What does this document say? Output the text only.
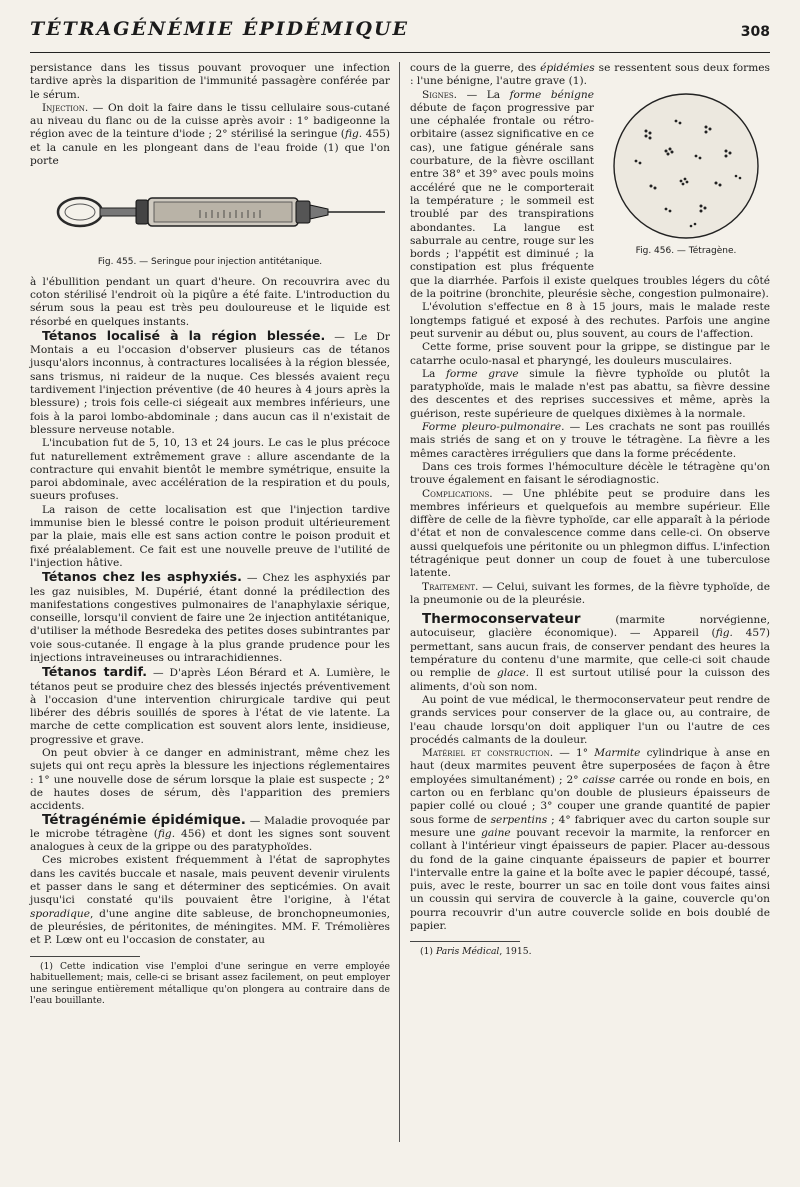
TÉTRAGÉNÉMIE ÉPIDÉMIQUE	308

persistance dans les tissus pouvant provoquer une infection tardive après la disparition de l'immunité passagère conférée par le sérum.

Injection. — On doit la faire dans le tissu cellulaire sous-cutané au niveau du flanc ou de la cuisse après avoir : 1° badigeonne la région avec de la teinture d'iode ; 2° stérilisé la seringue (fig. 455) et la canule en les plongeant dans de l'eau froide (1) que l'on porte

Fig. 455. — Seringue pour injection antitétanique.

à l'ébullition pendant un quart d'heure. On recouvrira avec du coton stérilisé l'endroit où la piqûre a été faite. L'introduction du sérum sous la peau est très peu douloureuse et le liquide est résorbé en quelques instants.

Tétanos localisé à la région blessée. — Le Dr Montais a eu l'occasion d'observer plusieurs cas de tétanos jusqu'alors inconnus, à contractures localisées à la région blessée, sans trismus, ni raideur de la nuque. Ces blessés avaient reçu tardivement l'injection préventive (de 40 heures à 4 jours après la blessure) ; trois fois celle-ci siégeait aux membres inférieurs, une fois à la paroi lombo-abdominale ; dans aucun cas il n'existait de blessure nerveuse notable.

L'incubation fut de 5, 10, 13 et 24 jours. Le cas le plus précoce fut naturellement extrêmement grave : allure ascendante de la contracture qui envahit bientôt le membre symétrique, ensuite la paroi abdominale, avec accélération de la respiration et du pouls, sueurs profuses.

La raison de cette localisation est que l'injection tardive immunise bien le blessé contre le poison produit ultérieurement par la plaie, mais elle est sans action contre le poison produit et fixé préalablement. Ce fait est une nouvelle preuve de l'utilité de l'injection hâtive.

Tétanos chez les asphyxiés. — Chez les asphyxiés par les gaz nuisibles, M. Dupérié, étant donné la prédilection des manifestations congestives pulmonaires de l'anaphylaxie sérique, conseille, lorsqu'il convient de faire une 2e injection antitétanique, d'utiliser la méthode Besredeka des petites doses subintrantes par voie sous-cutanée. Il engage à la plus grande prudence pour les injections intraveineuses ou intrarachidiennes.

Tétanos tardif. — D'après Léon Bérard et A. Lumière, le tétanos peut se produire chez des blessés injectés préventivement à l'occasion d'une intervention chirurgicale tardive qui peut libérer des débris souillés de spores à l'état de vie latente. La marche de cette complication est souvent alors lente, insidieuse, progressive et grave.

On peut obvier à ce danger en administrant, même chez les sujets qui ont reçu après la blessure les injections réglementaires : 1° une nouvelle dose de sérum lorsque la plaie est suspecte ; 2° de hautes doses de sérum, dès l'apparition des premiers accidents.

Tétragénémie épidémique. — Maladie provoquée par le microbe tétragène (fig. 456) et dont les signes sont souvent analogues à ceux de la grippe ou des paratyphoïdes.

Ces microbes existent fréquemment à l'état de saprophytes dans les cavités buccale et nasale, mais peuvent devenir virulents et passer dans le sang et déterminer des septicémies. On avait jusqu'ici constaté qu'ils pouvaient être l'origine, à l'état sporadique, d'une angine dite sableuse, de bronchopneumonies, de pleurésies, de péritonites, de méningites. MM. F. Trémolières et P. Lœw ont eu l'occasion de constater, au

(1) Cette indication vise l'emploi d'une seringue en verre employée habituellement; mais, celle-ci se brisant assez facilement, on peut employer une seringue entièrement métallique qu'on plongera au contraire dans de l'eau bouillante.

cours de la guerre, des épidémies se ressentent sous deux formes : l'une bénigne, l'autre grave (1).

Fig. 456. — Tétragène.

Signes. — La forme bénigne débute de façon progressive par une céphalée frontale ou rétro-orbitaire (assez significative en ce cas), une fatigue générale sans courbature, de la fièvre oscillant entre 38° et 39° avec pouls moins accéléré que ne le comporterait la température ; le sommeil est troublé par des transpirations abondantes. La langue est saburrale au centre, rouge sur les bords ; l'appétit est diminué ; la constipation est plus fréquente que la diarrhée. Parfois il existe quelques troubles légers du côté de la poitrine (bronchite, pleurésie sèche, congestion pulmonaire).

L'évolution s'effectue en 8 à 15 jours, mais le malade reste longtemps fatigué et exposé à des rechutes. Parfois une angine peut survenir au début ou, plus souvent, au cours de l'affection.

Cette forme, prise souvent pour la grippe, se distingue par le catarrhe oculo-nasal et pharyngé, les douleurs musculaires.

La forme grave simule la fièvre typhoïde ou plutôt la paratyphoïde, mais le malade n'est pas abattu, sa fièvre dessine des descentes et des reprises successives et même, après la guérison, reste supérieure de quelques dixièmes à la normale.

Forme pleuro-pulmonaire. — Les crachats ne sont pas rouillés mais striés de sang et on y trouve le tétragène. La fièvre a les mêmes caractères irréguliers que dans la forme précédente.

Dans ces trois formes l'hémoculture décèle le tétragène qu'on trouve également en faisant le sérodiagnostic.

Complications. — Une phlébite peut se produire dans les membres inférieurs et quelquefois au membre supérieur. Elle diffère de celle de la fièvre typhoïde, car elle apparaît à la période d'état et non de convalescence comme dans celle-ci. On observe aussi quelquefois une péritonite ou un phlegmon diffus. L'infection tétragénique peut donner un coup de fouet à une tuberculose latente.

Traitement. — Celui, suivant les formes, de la fièvre typhoïde, de la pneumonie ou de la pleurésie.

Thermoconservateur (marmite norvégienne, autocuiseur, glacière économique). — Appareil (fig. 457) permettant, sans aucun frais, de conserver pendant des heures la température du contenu d'une marmite, que celle-ci soit chaude ou remplie de glace. Il est surtout utilisé pour la cuisson des aliments, d'où son nom.

Au point de vue médical, le thermoconservateur peut rendre de grands services pour conserver de la glace ou, au contraire, de l'eau chaude lorsqu'on doit appliquer l'un ou l'autre de ces procédés calmants de la douleur.

Matériel et construction. — 1° Marmite cylindrique à anse en haut (deux marmites peuvent être superposées de façon à être employées simultanément) ; 2° caisse carrée ou ronde en bois, en carton ou en ferblanc qu'on double de plusieurs épaisseurs de papier collé ou cloué ; 3° couper une grande quantité de papier sous forme de serpentins ; 4° fabriquer avec du carton souple sur mesure une gaine pouvant recevoir la marmite, la renforcer en collant à l'intérieur vingt épaisseurs de papier. Placer au-dessous du fond de la gaine cinquante épaisseurs de papier et bourrer l'intervalle entre la gaine et la boîte avec le papier découpé, tassé, puis, avec le reste, bourrer un sac en toile dont vous faites ainsi un coussin qui servira de couvercle à la gaine, couvercle qu'on pourra recouvrir d'un autre couvercle solide en bois doublé de papier.

(1) Paris Médical, 1915.
